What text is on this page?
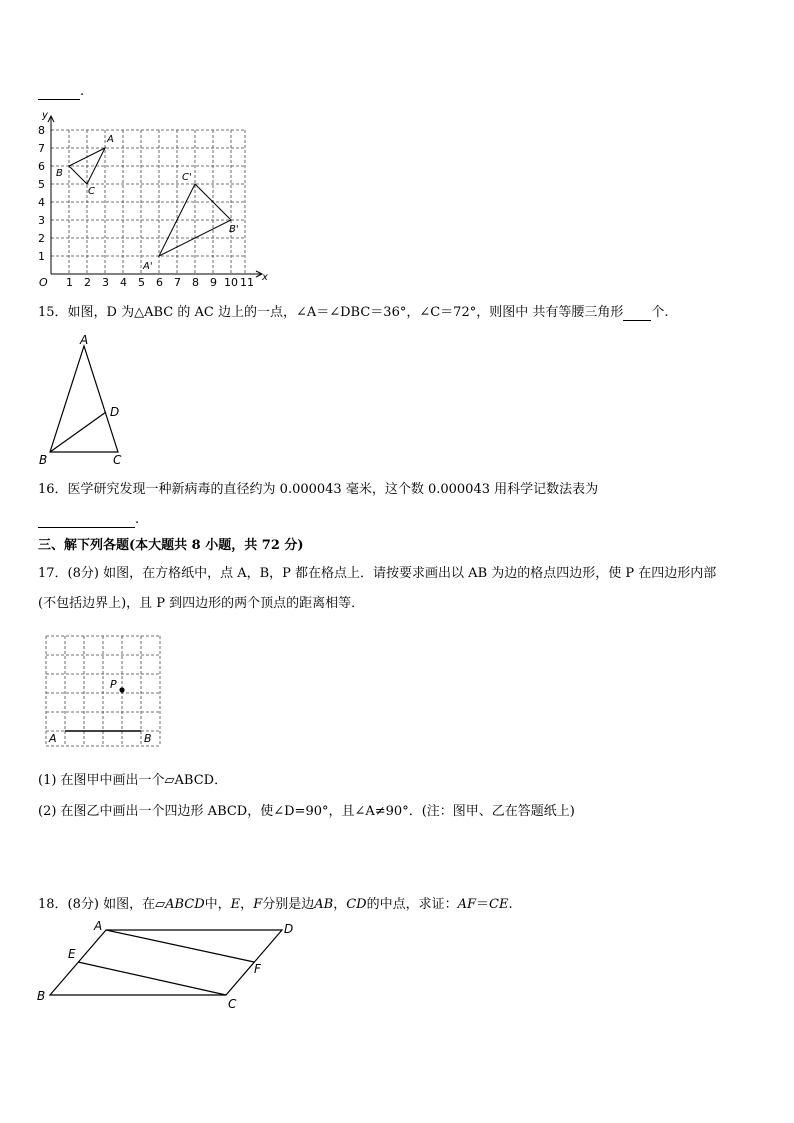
.
y
x
O 1 2 3 4 5 6 7 8 9 10 11
1
2
3
4
5
6
7
8
A
B
C
A'
B'
C'
15．如图，D 为△ABC 的 AC 边上的一点，∠A＝∠DBC＝36°，∠C＝72°，则图中 共有等腰三角形 个.
A
B	C
D
16．医学研究发现一种新病毒的直径约为 0.000043 毫米，这个数 0.000043 用科学记数法表为
.
三、解下列各题(本大题共 8 小题，共 72 分)
17．(8分) 如图，在方格纸中，点 A，B，P 都在格点上．请按要求画出以 AB 为边的格点四边形，使 P 在四边形内部
(不包括边界上)，且 P 到四边形的两个顶点的距离相等．
P
A	B
(1) 在图甲中画出一个▱ABCD．
(2) 在图乙中画出一个四边形 ABCD，使∠D=90°，且∠A≠90°．(注：图甲、乙在答题纸上)
18．(8分) 如图，在▱ABCD中，E，F分别是边AB，CD的中点，求证：AF＝CE.
A	D
E
F
B
C
